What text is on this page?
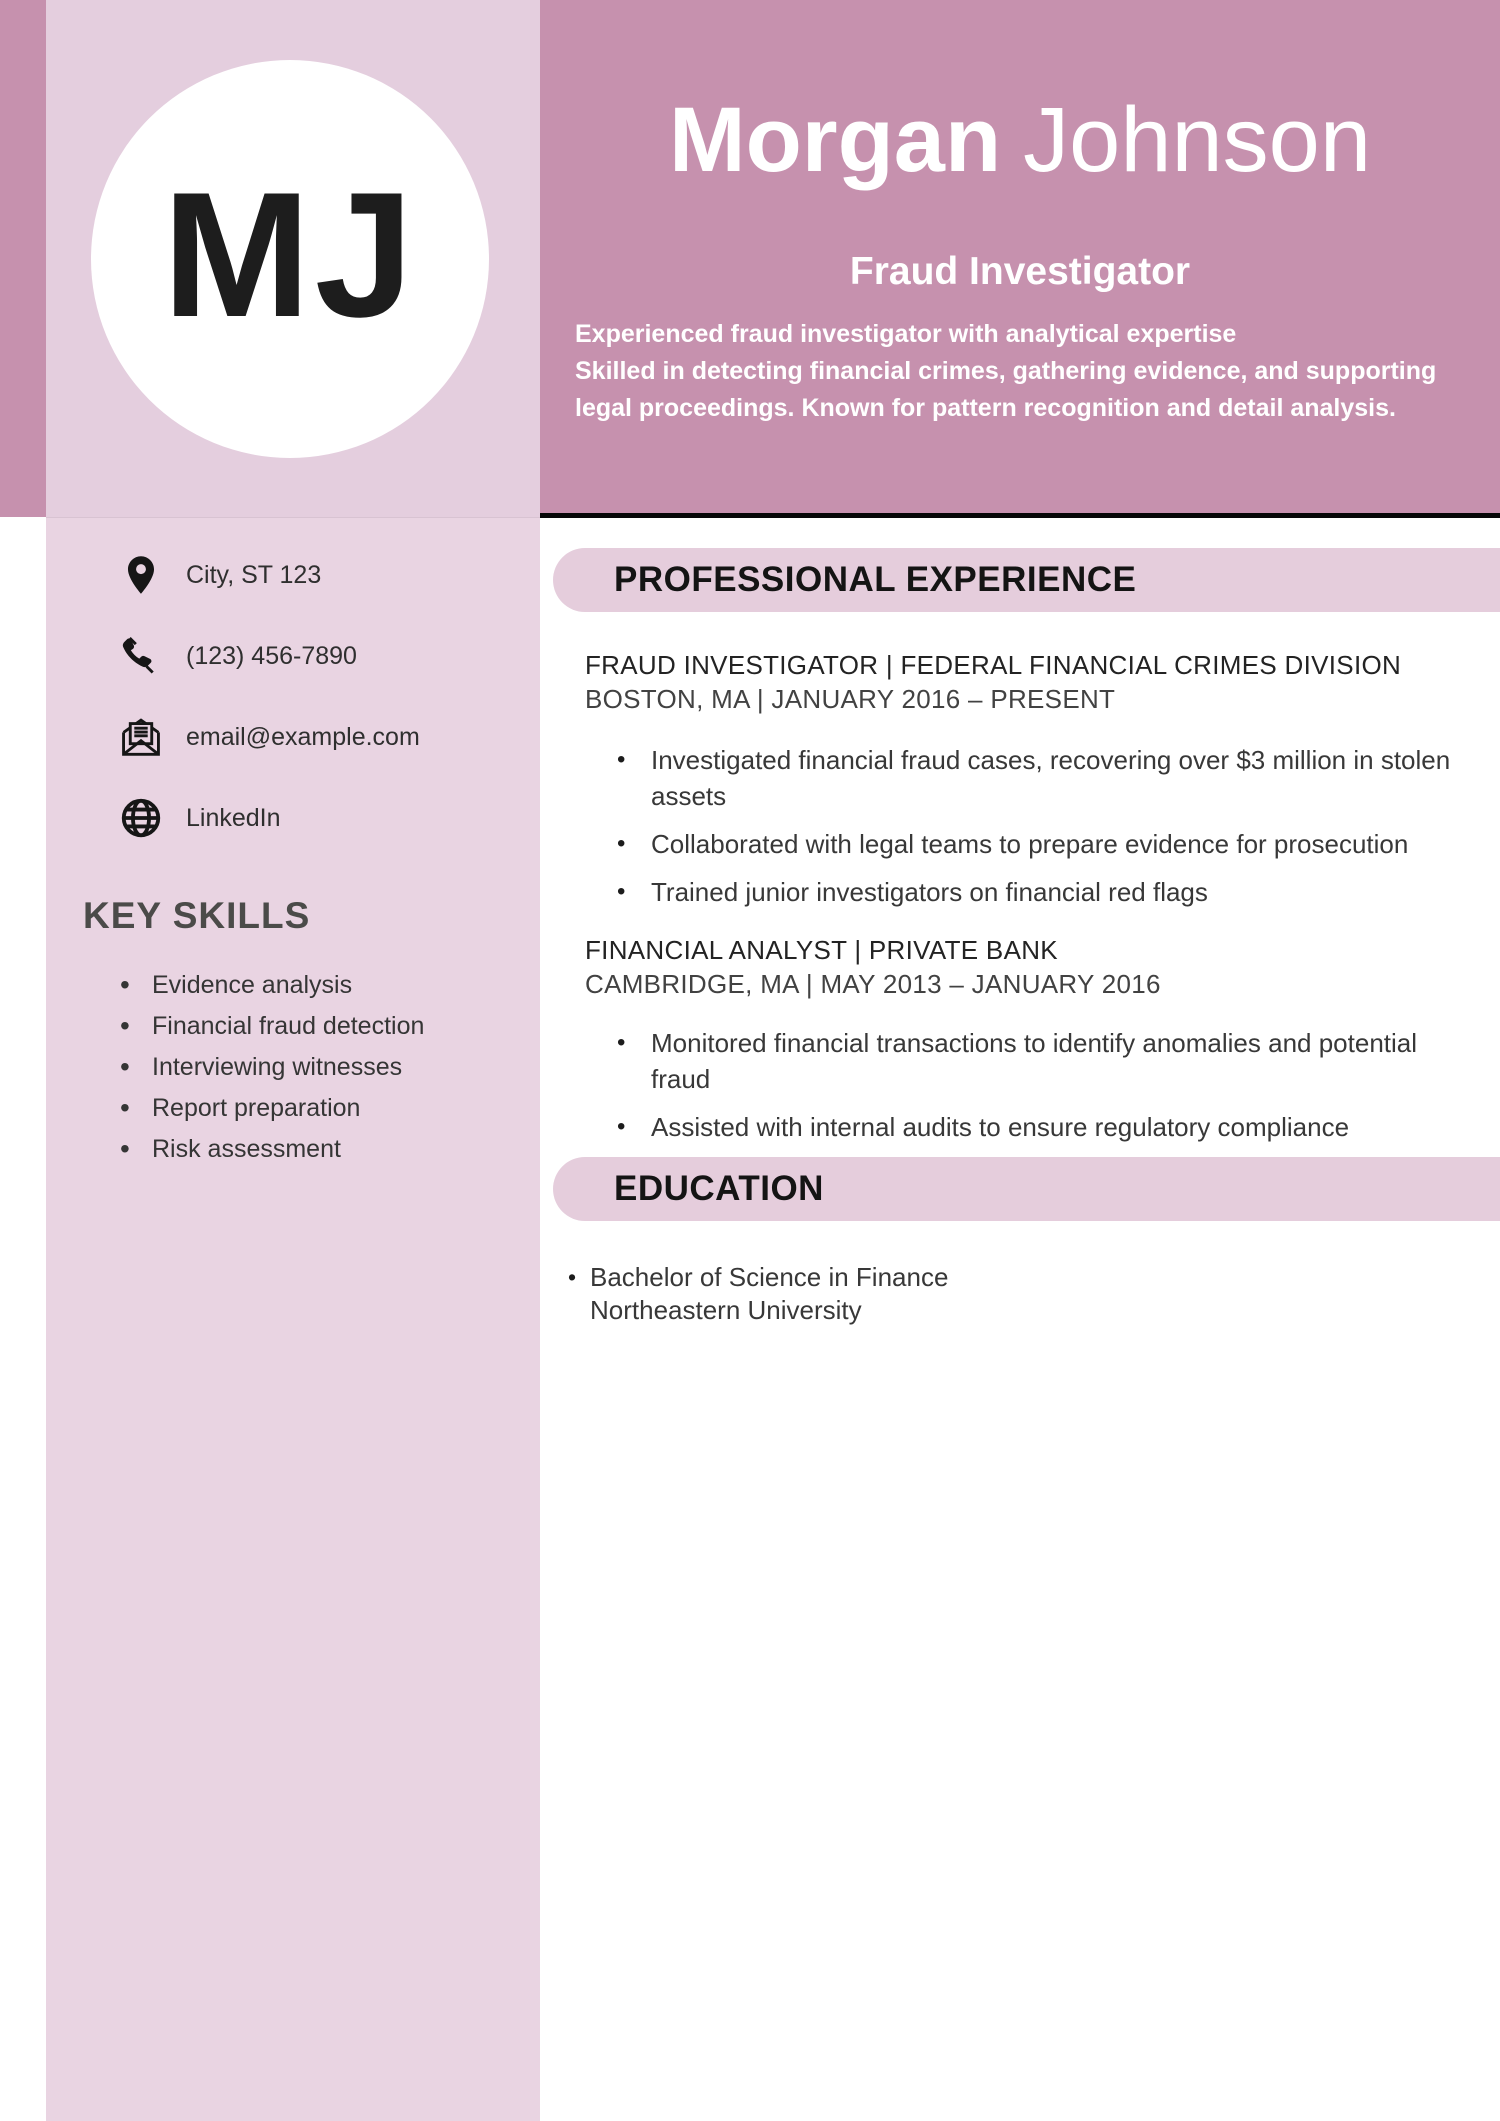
MJ
City, ST 123
(123) 456-7890
email@example.com
LinkedIn
KEY SKILLS
•
Evidence analysis
•
Financial fraud detection
•
Interviewing witnesses
•
Report preparation
•
Risk assessment
Morgan Johnson
Fraud Investigator
Experienced fraud investigator with analytical expertise
Skilled in detecting financial crimes, gathering evidence, and supporting
legal proceedings. Known for pattern recognition and detail analysis.
PROFESSIONAL EXPERIENCE
FRAUD INVESTIGATOR | FEDERAL FINANCIAL CRIMES DIVISION
BOSTON, MA | JANUARY 2016 – PRESENT
•
Investigated financial fraud cases, recovering over $3 million in stolen assets
•
Collaborated with legal teams to prepare evidence for prosecution
•
Trained junior investigators on financial red flags
FINANCIAL ANALYST | PRIVATE BANK
CAMBRIDGE, MA | MAY 2013 – JANUARY 2016
•
Monitored financial transactions to identify anomalies and potential fraud
•
Assisted with internal audits to ensure regulatory compliance
EDUCATION
•
Bachelor of Science in Finance
Northeastern University
